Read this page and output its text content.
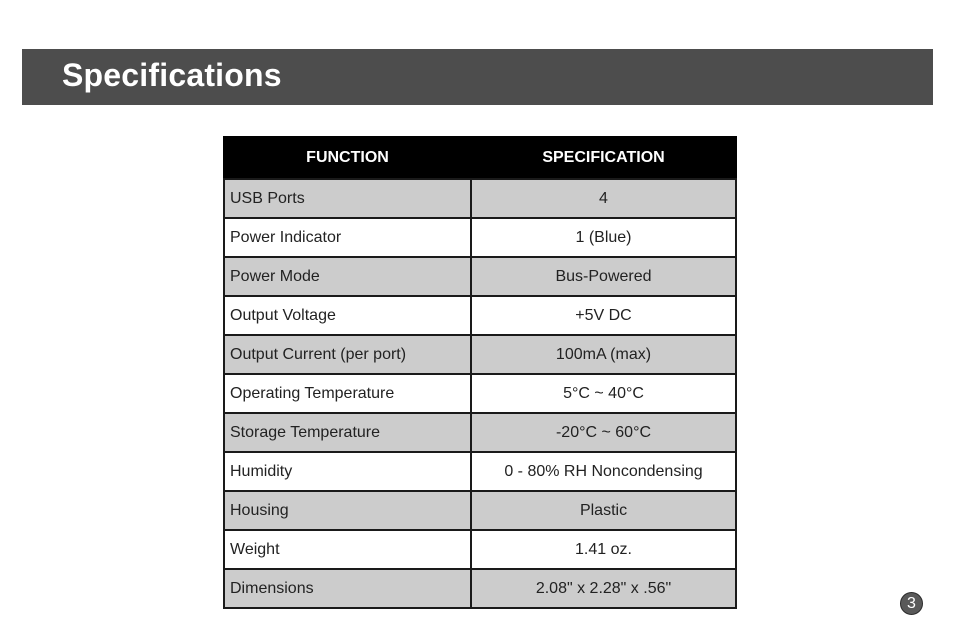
Specifications
FUNCTION	SPECIFICATION
USB Ports	4
Power Indicator	1 (Blue)
Power Mode	Bus-Powered
Output Voltage	+5V DC
Output Current (per port)	100mA (max)
Operating Temperature	5°C ~ 40°C
Storage Temperature	-20°C ~ 60°C
Humidity	0 - 80% RH Noncondensing
Housing	Plastic
Weight	1.41 oz.
Dimensions	2.08" x 2.28" x .56"
3
